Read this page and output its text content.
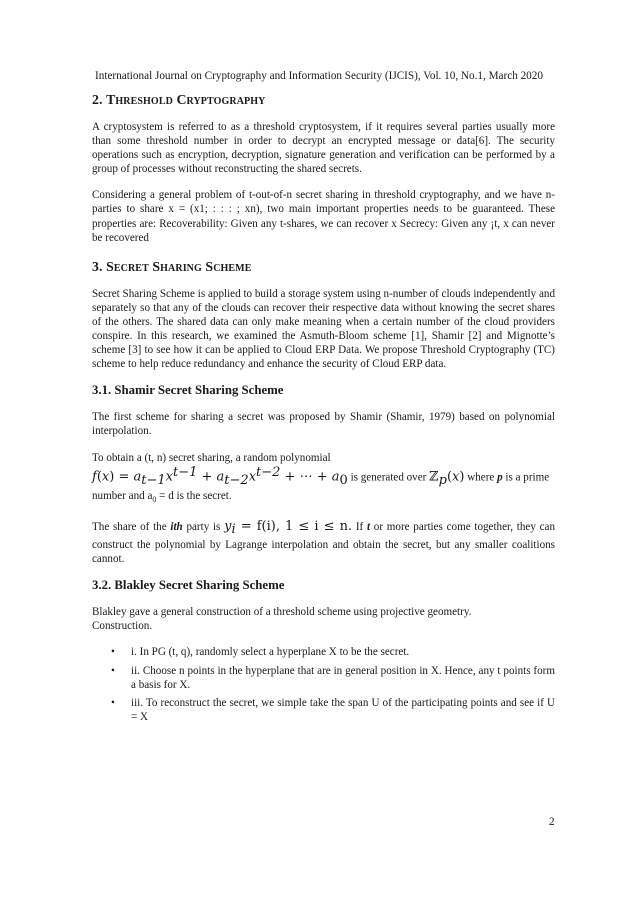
International Journal on Cryptography and Information Security (IJCIS), Vol. 10, No.1, March 2020
2. Threshold Cryptography

A cryptosystem is referred to as a threshold cryptosystem, if it requires several parties usually more than some threshold number in order to decrypt an encrypted message or data[6]. The security operations such as encryption, decryption, signature generation and verification can be performed by a group of processes without reconstructing the shared secrets.

Considering a general problem of t-out-of-n secret sharing in threshold cryptography, and we have n-parties to share x = (x1; : : : ; xn), two main important properties needs to be guaranteed. These properties are: Recoverability: Given any t-shares, we can recover x Secrecy: Given any ¡t, x can never be recovered

3. Secret Sharing Scheme

Secret Sharing Scheme is applied to build a storage system using n-number of clouds independently and separately so that any of the clouds can recover their respective data without knowing the secret shares of the others. The shared data can only make meaning when a certain number of the cloud providers conspire. In this research, we examined the Asmuth-Bloom scheme [1], Shamir [2] and Mignotte’s scheme [3] to see how it can be applied to Cloud ERP Data. We propose Threshold Cryptography (TC) scheme to help reduce redundancy and enhance the security of Cloud ERP data.

3.1. Shamir Secret Sharing Scheme

The first scheme for sharing a secret was proposed by Shamir (Shamir, 1979) based on polynomial interpolation.

To obtain a (t, n) secret sharing, a random polynomial

$f(x) = a_{t-1}x^{t-1} + a_{t-2}x^{t-2}$ + ⋯ + $a_0$ is generated over ℤ$_p$(x) where p is a prime

number and $a_0 = d$ is the secret.

The share of the ith party is $y_i = f(i)$, 1 ≤ i ≤ n. If t or more parties come together, they can construct the polynomial by Lagrange interpolation and obtain the secret, but any smaller coalitions cannot.

3.2. Blakley Secret Sharing Scheme

Blakley gave a general construction of a threshold scheme using projective geometry.
Construction.

• i. In PG (t, q), randomly select a hyperplane X to be the secret.
• ii. Choose n points in the hyperplane that are in general position in X. Hence, any t points form a basis for X.
• iii. To reconstruct the secret, we simple take the span U of the participating points and see if U = X
2
